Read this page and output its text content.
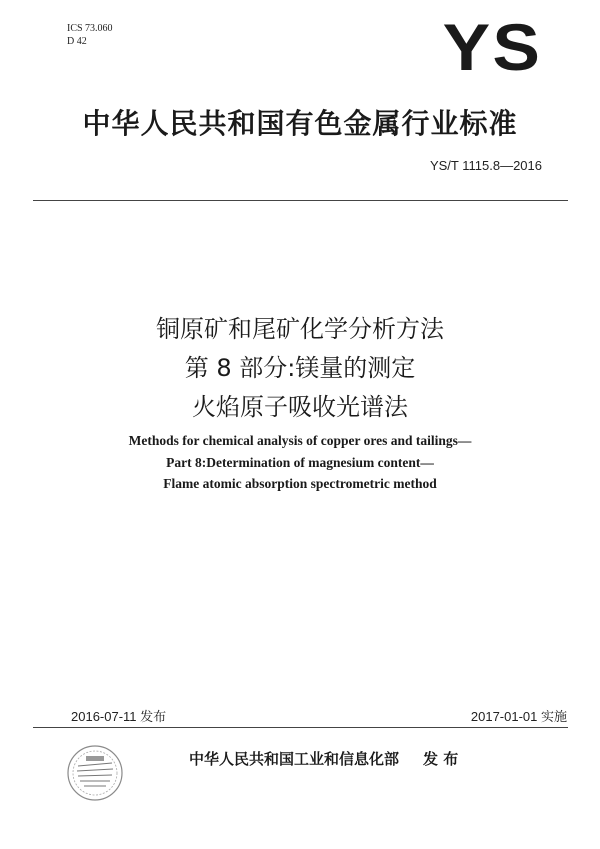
ICS 73.060
D 42	YS
中华人民共和国有色金属行业标准
YS/T 1115.8—2016
铜原矿和尾矿化学分析方法
第 8 部分:镁量的测定
火焰原子吸收光谱法
Methods for chemical analysis of copper ores and tailings—
Part 8:Determination of magnesium content—
Flame atomic absorption spectrometric method
2016-07-11 发布	2017-01-01 实施
中华人民共和国工业和信息化部 发 布
